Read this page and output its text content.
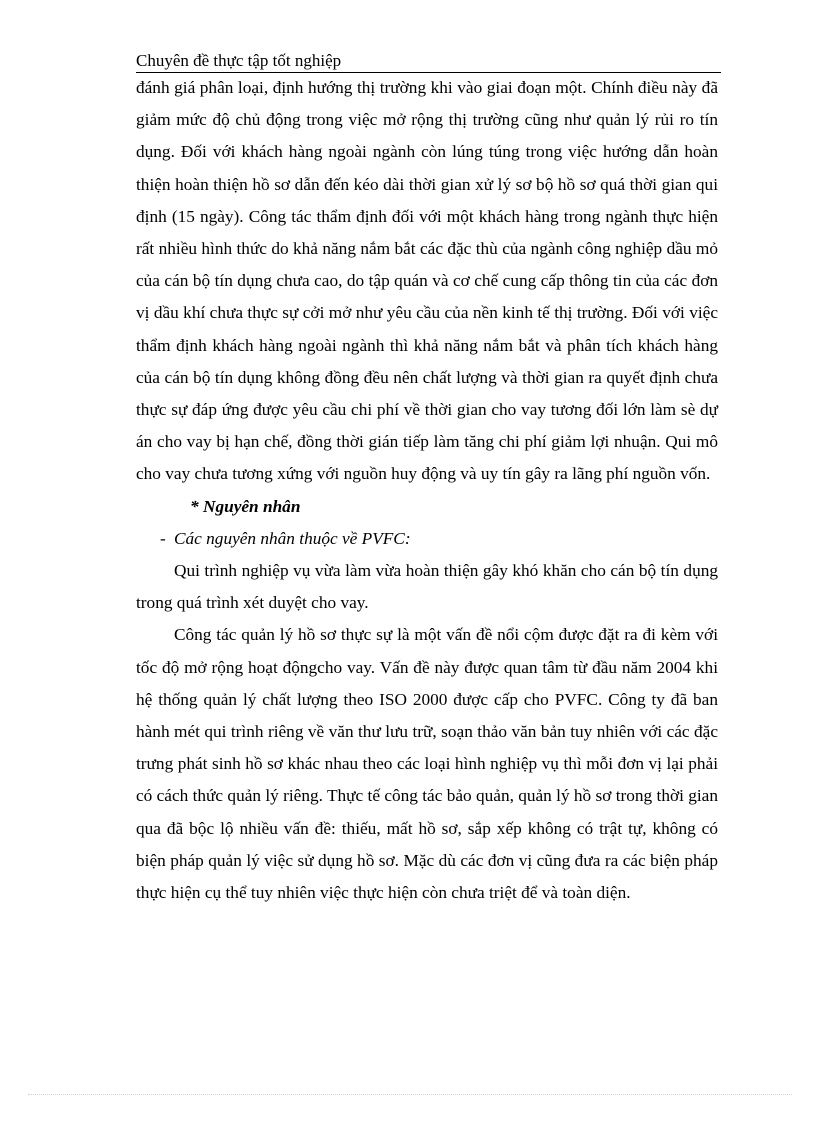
Chuyên đề thực tập tốt nghiệp

đánh giá phân loại, định hướng thị trường khi vào giai đoạn một. Chính điều này đã giảm mức độ chủ động trong việc mở rộng thị trường cũng như quản lý rủi ro tín dụng. Đối với khách hàng ngoài ngành còn lúng túng trong việc hướng dẫn hoàn thiện hoàn thiện hồ sơ dẫn đến kéo dài thời gian xử lý sơ bộ hồ sơ quá thời gian qui định (15 ngày). Công tác thẩm định đối với một khách hàng trong ngành thực hiện rất nhiều hình thức do khả năng nắm bắt các đặc thù của ngành công nghiệp dầu mỏ của cán bộ tín dụng chưa cao, do tập quán và cơ chế cung cấp thông tin của các đơn vị dầu khí chưa thực sự cởi mở như yêu cầu của nền kinh tế thị trường. Đối với việc thẩm định khách hàng ngoài ngành thì khả năng nắm bắt và phân tích khách hàng của cán bộ tín dụng không đồng đều nên chất lượng và thời gian ra quyết định chưa thực sự đáp ứng được yêu cầu chi phí về thời gian cho vay tương đối lớn làm sè dự án cho vay bị hạn chế, đồng thời gián tiếp làm tăng chi phí giảm lợi nhuận. Qui mô cho vay chưa tương xứng với nguồn huy động và uy tín gây ra lãng phí nguồn vốn.

* Nguyên nhân

- Các nguyên nhân thuộc về PVFC:

Qui trình nghiệp vụ vừa làm vừa hoàn thiện gây khó khăn cho cán bộ tín dụng trong quá trình xét duyệt cho vay.

Công tác quản lý hồ sơ thực sự là một vấn đề nổi cộm được đặt ra đi kèm với tốc độ mở rộng hoạt độngcho vay. Vấn đề này được quan tâm từ đầu năm 2004 khi hệ thống quản lý chất lượng theo ISO 2000 được cấp cho PVFC. Công ty đã ban hành mét qui trình riêng về văn thư lưu trữ, soạn thảo văn bản tuy nhiên với các đặc trưng phát sinh hồ sơ khác nhau theo các loại hình nghiệp vụ thì mỗi đơn vị lại phải có cách thức quản lý riêng. Thực tế công tác bảo quản, quản lý hồ sơ trong thời gian qua đã bộc lộ nhiều vấn đề: thiếu, mất hồ sơ, sắp xếp không có trật tự, không có biện pháp quản lý việc sử dụng hồ sơ. Mặc dù các đơn vị cũng đưa ra các biện pháp thực hiện cụ thể tuy nhiên việc thực hiện còn chưa triệt để và toàn diện.
